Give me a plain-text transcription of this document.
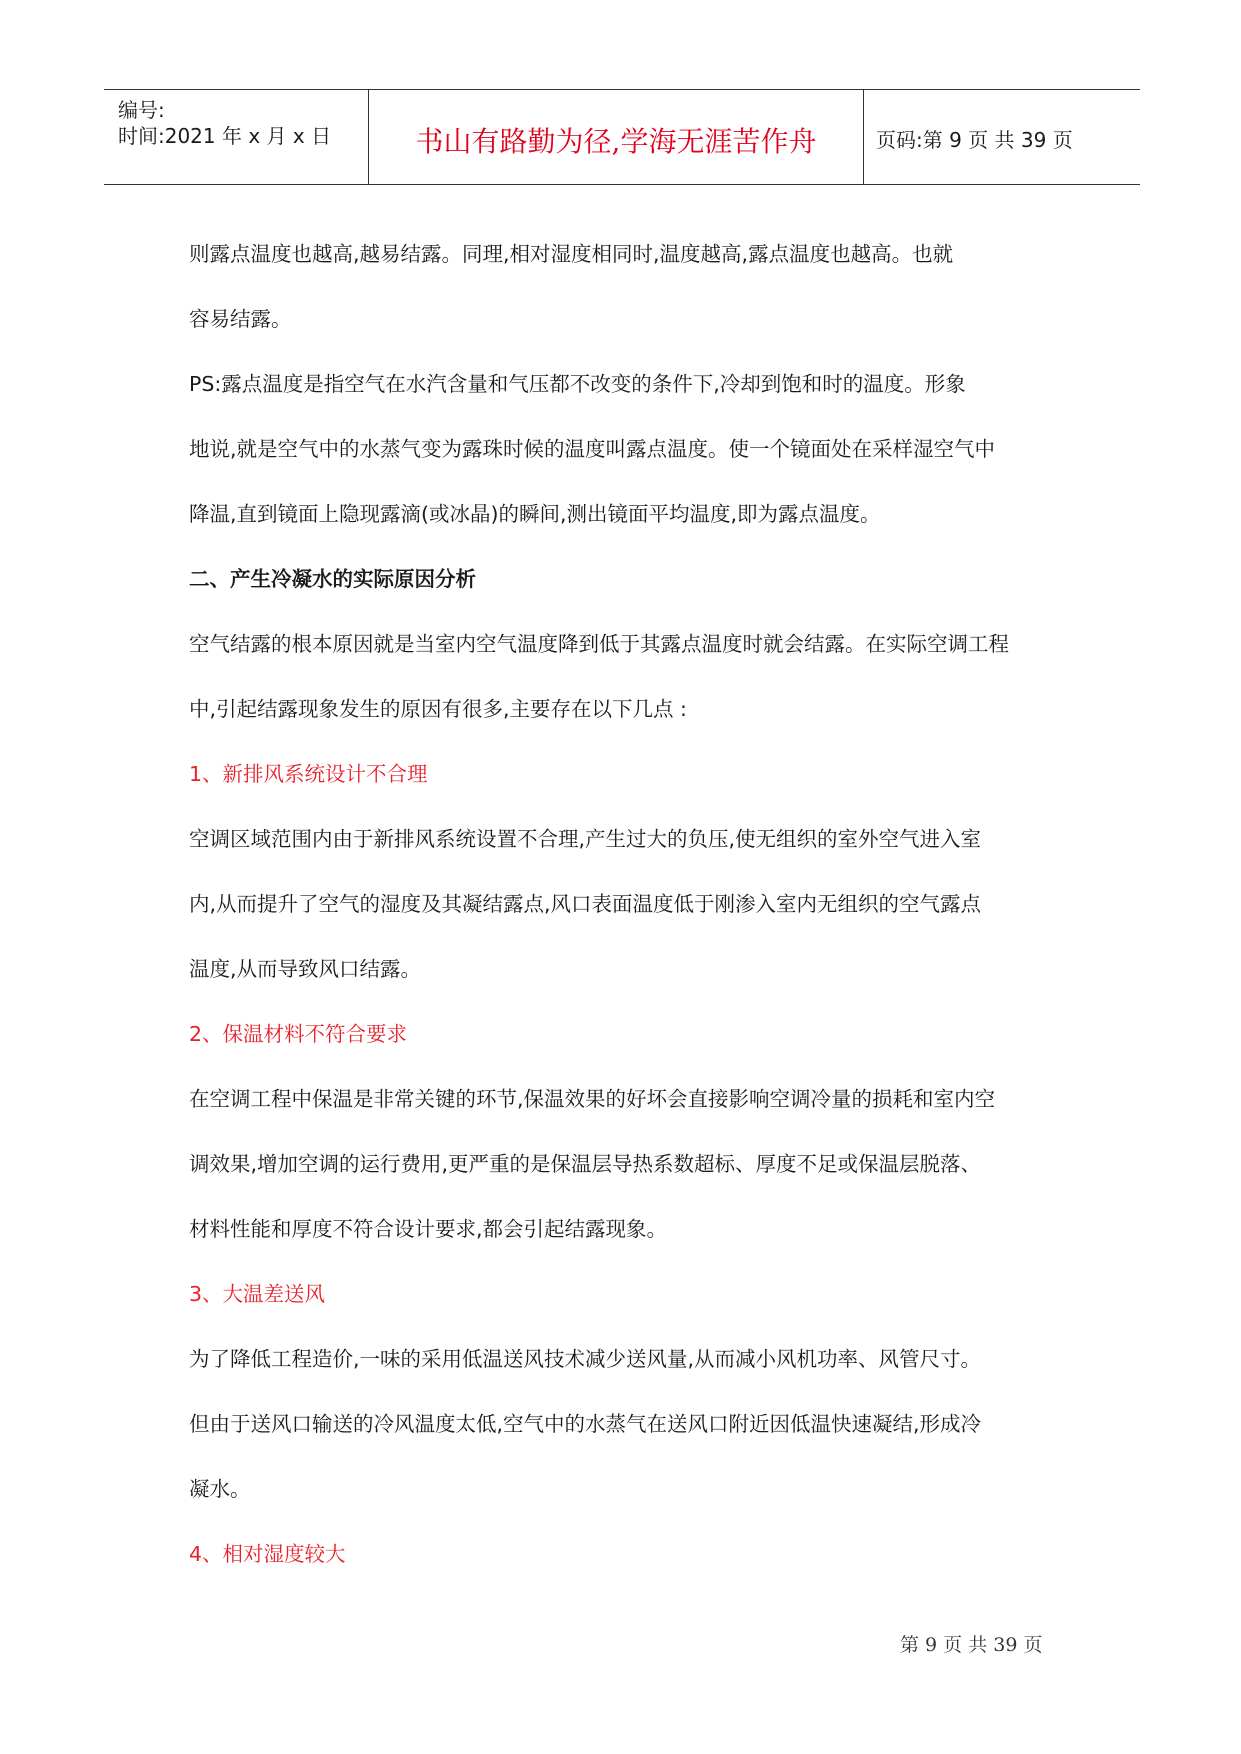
编号:
时间:2021 年 x 月 x 日	书山有路勤为径,学海无涯苦作舟	页码:第 9 页 共 39 页

则露点温度也越高,越易结露。同理,相对湿度相同时,温度越高,露点温度也越高。也就

容易结露。

PS:露点温度是指空气在水汽含量和气压都不改变的条件下,冷却到饱和时的温度。形象

地说,就是空气中的水蒸气变为露珠时候的温度叫露点温度。使一个镜面处在采样湿空气中

降温,直到镜面上隐现露滴(或冰晶)的瞬间,测出镜面平均温度,即为露点温度。

二、产生冷凝水的实际原因分析

空气结露的根本原因就是当室内空气温度降到低于其露点温度时就会结露。在实际空调工程

中,引起结露现象发生的原因有很多,主要存在以下几点 :

1、新排风系统设计不合理

空调区域范围内由于新排风系统设置不合理,产生过大的负压,使无组织的室外空气进入室

内,从而提升了空气的湿度及其凝结露点,风口表面温度低于刚渗入室内无组织的空气露点

温度,从而导致风口结露。

2、保温材料不符合要求

在空调工程中保温是非常关键的环节,保温效果的好坏会直接影响空调冷量的损耗和室内空

调效果,增加空调的运行费用,更严重的是保温层导热系数超标、厚度不足或保温层脱落、

材料性能和厚度不符合设计要求,都会引起结露现象。

3、大温差送风

为了降低工程造价,一味的采用低温送风技术减少送风量,从而减小风机功率、风管尺寸。

但由于送风口输送的冷风温度太低,空气中的水蒸气在送风口附近因低温快速凝结,形成冷

凝水。

4、相对湿度较大

第 9 页 共 39 页
